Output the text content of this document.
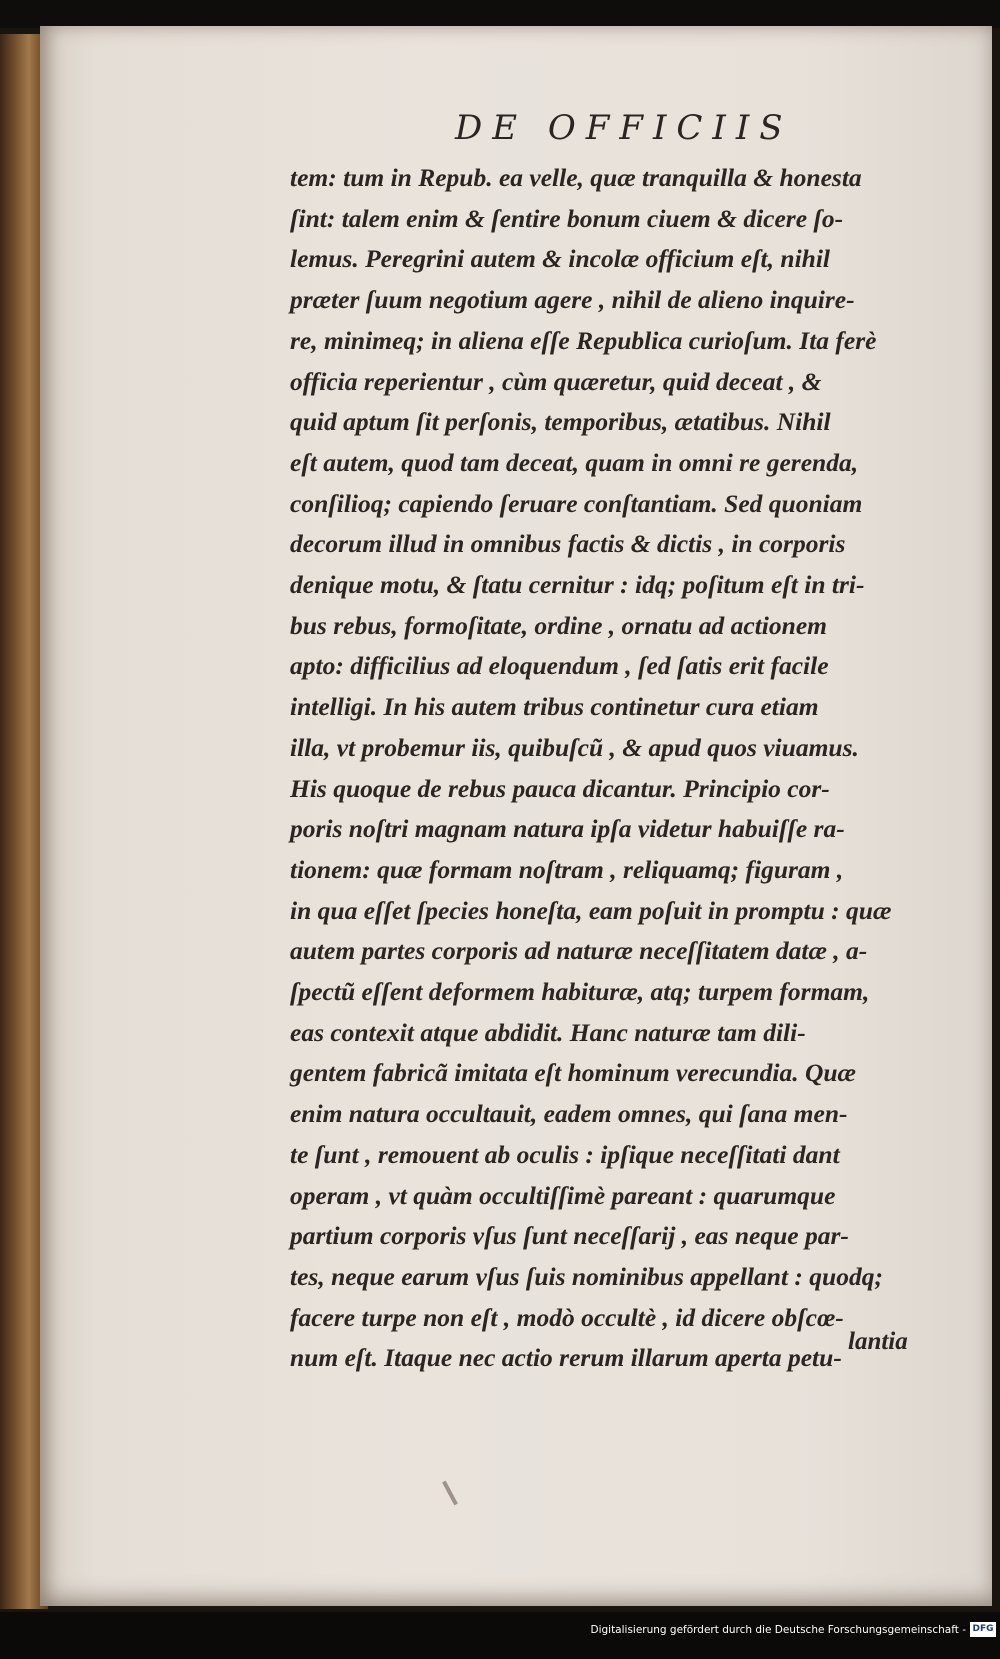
DE OFFICIIS
tem: tum in Repub. ea velle, quæ tranquilla & honesta
ſint: talem enim & ſentire bonum ciuem & dicere ſo-
lemus. Peregrini autem & incolæ officium eſt, nihil
præter ſuum negotium agere , nihil de alieno inquire-
re, minimeq; in aliena eſſe Republica curioſum. Ita ferè
officia reperientur , cùm quæretur, quid deceat , &
quid aptum ſit perſonis, temporibus, ætatibus. Nihil
eſt autem, quod tam deceat, quam in omni re gerenda,
conſilioq; capiendo ſeruare conſtantiam. Sed quoniam
decorum illud in omnibus factis & dictis , in corporis
denique motu, & ſtatu cernitur : idq; poſitum eſt in tri-
bus rebus, formoſitate, ordine , ornatu ad actionem
apto: difficilius ad eloquendum , ſed ſatis erit facile
intelligi. In his autem tribus continetur cura etiam
illa, vt probemur iis, quibuſcũ , & apud quos viuamus.
His quoque de rebus pauca dicantur. Principio cor-
poris noſtri magnam natura ipſa videtur habuiſſe ra-
tionem: quæ formam noſtram , reliquamq; figuram ,
in qua eſſet ſpecies honeſta, eam poſuit in promptu : quæ
autem partes corporis ad naturæ neceſſitatem datæ , a-
ſpectũ eſſent deformem habituræ, atq; turpem formam,
eas contexit atque abdidit. Hanc naturæ tam dili-
gentem fabricã imitata eſt hominum verecundia. Quæ
enim natura occultauit, eadem omnes, qui ſana men-
te ſunt , remouent ab oculis : ipſique neceſſitati dant
operam , vt quàm occultiſſimè pareant : quarumque
partium corporis vſus ſunt neceſſarij , eas neque par-
tes, neque earum vſus ſuis nominibus appellant : quodq;
facere turpe non eſt , modò occultè , id dicere obſcœ-
num eſt. Itaque nec actio rerum illarum aperta petu-
lantia
Digitalisierung gefördert durch die Deutsche Forschungsgemeinschaft - DFG
